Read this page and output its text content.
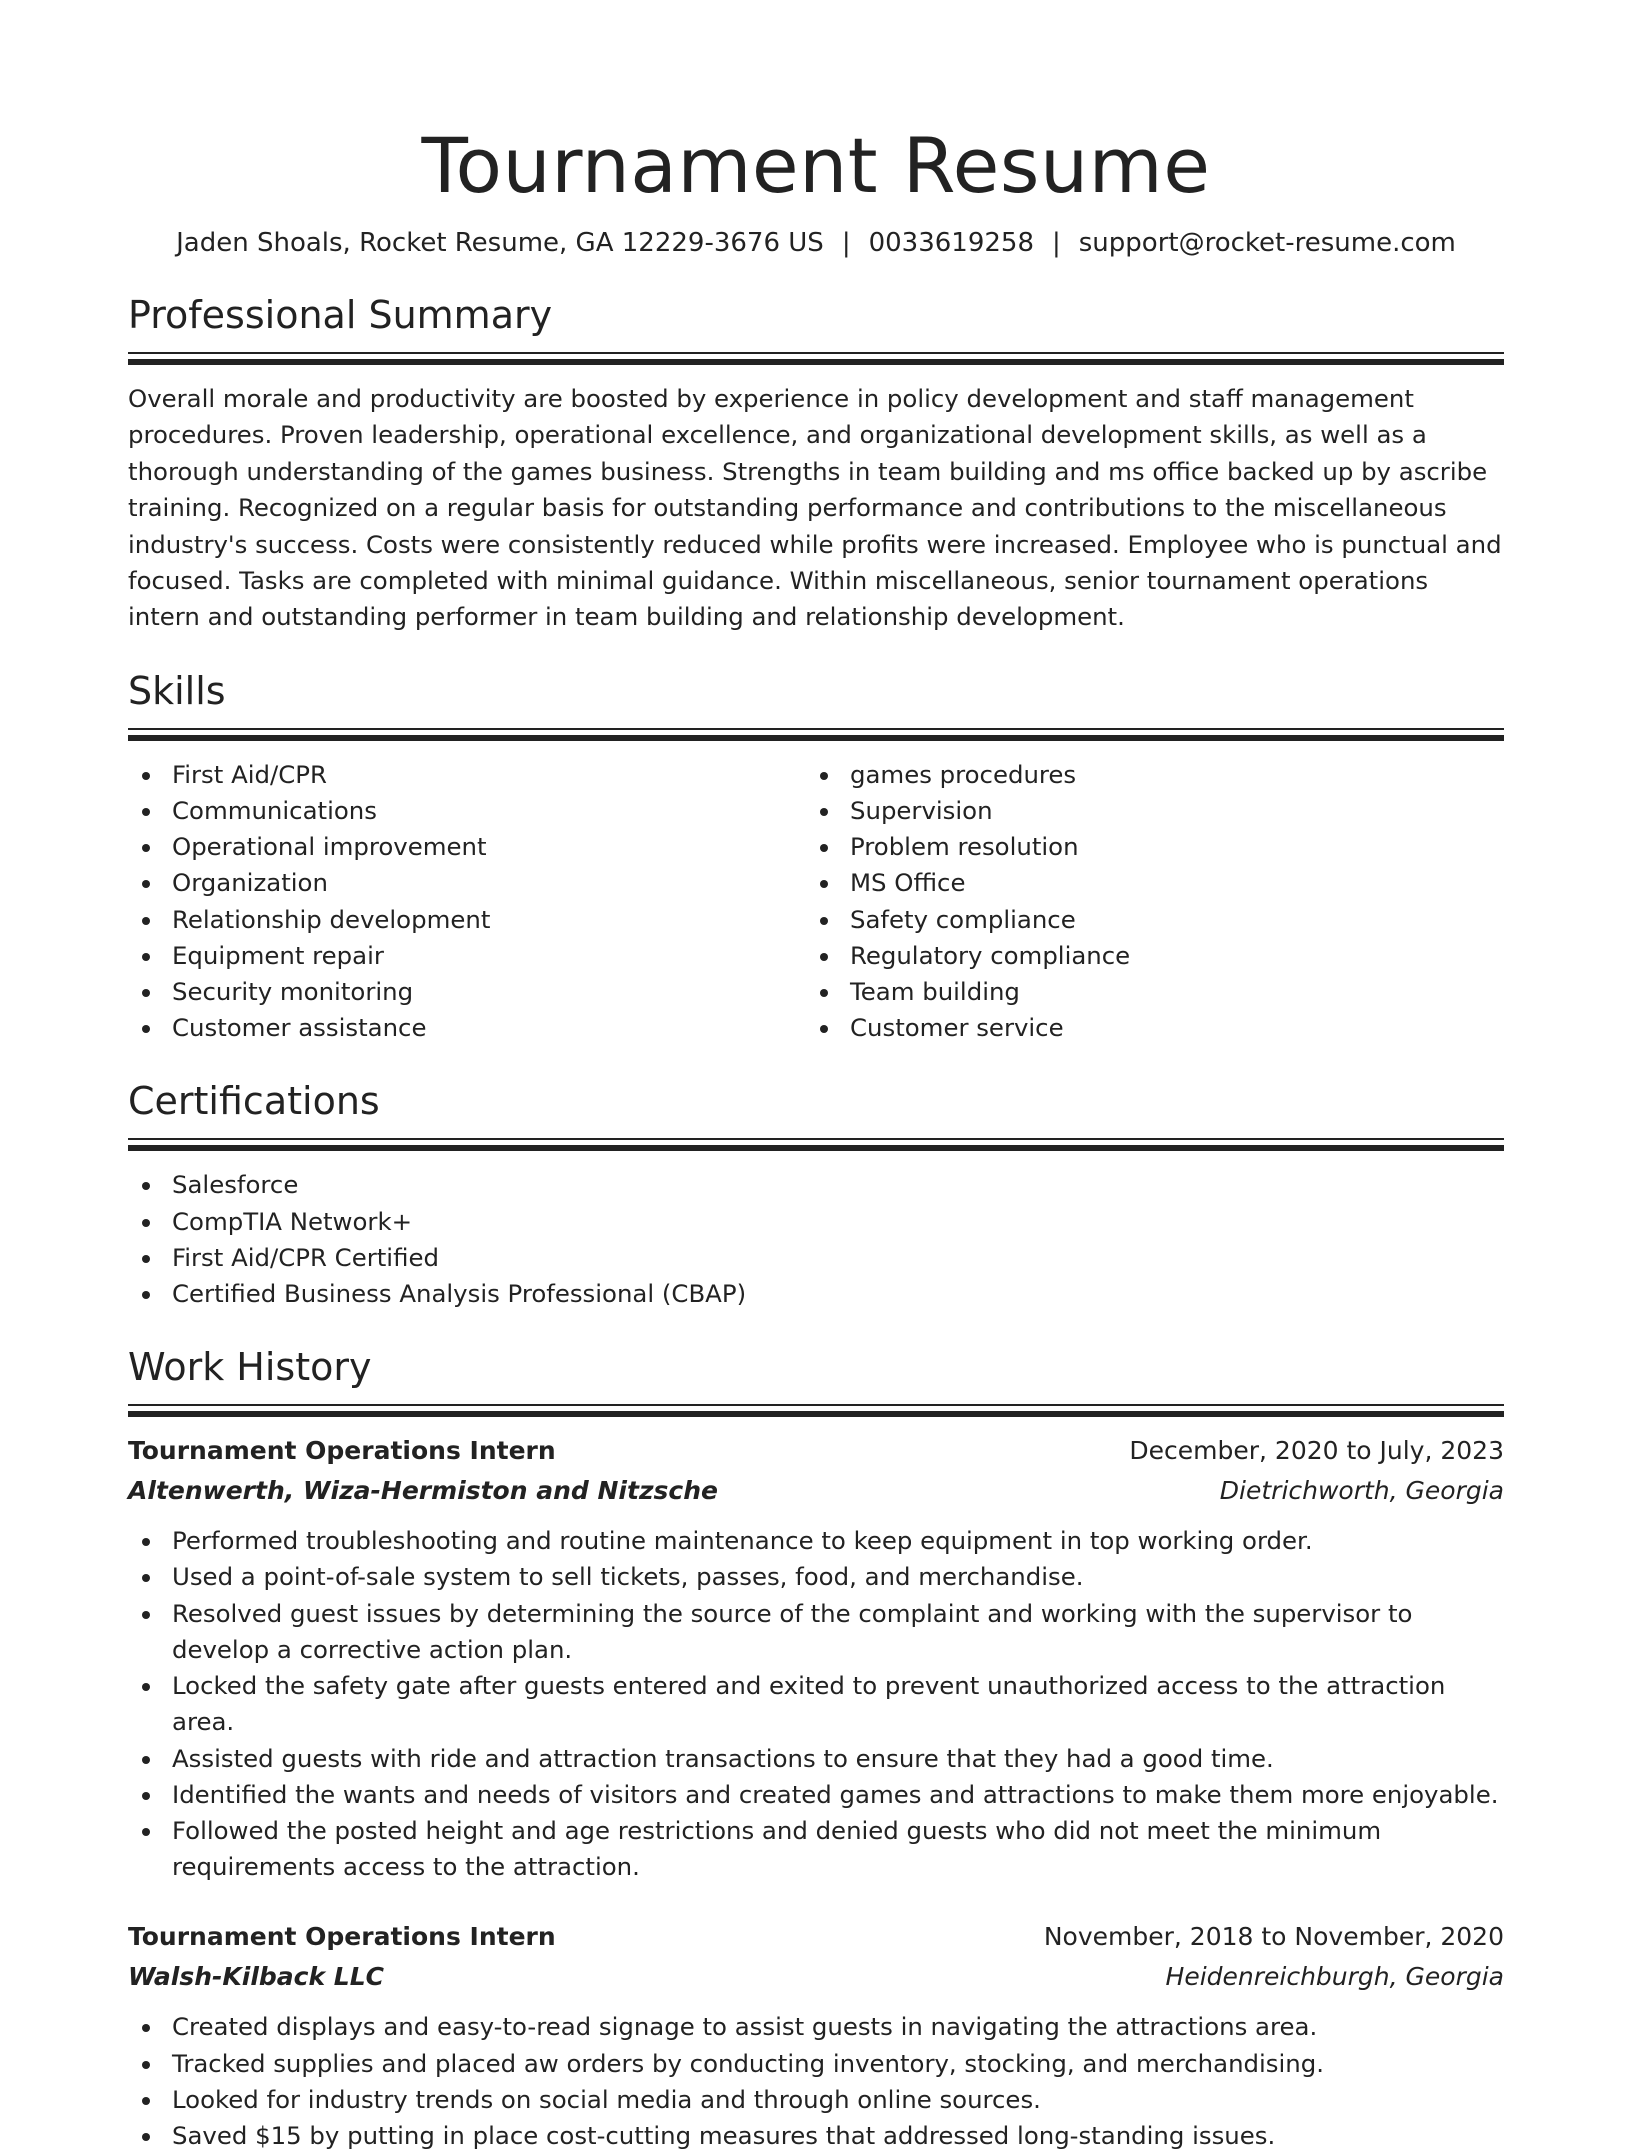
Tournament Resume
Jaden Shoals, Rocket Resume, GA 12229-3676 US | 0033619258 | support@rocket-resume.com
Professional Summary

Overall morale and productivity are boosted by experience in policy development and staff management procedures. Proven leadership, operational excellence, and organizational development skills, as well as a thorough understanding of the games business. Strengths in team building and ms office backed up by ascribe training. Recognized on a regular basis for outstanding performance and contributions to the miscellaneous industry's success. Costs were consistently reduced while profits were increased. Employee who is punctual and focused. Tasks are completed with minimal guidance. Within miscellaneous, senior tournament operations intern and outstanding performer in team building and relationship development.

Skills
First Aid/CPR
Communications
Operational improvement
Organization
Relationship development
Equipment repair
Security monitoring
Customer assistance
games procedures
Supervision
Problem resolution
MS Office
Safety compliance
Regulatory compliance
Team building
Customer service
Certifications
Salesforce
CompTIA Network+
First Aid/CPR Certified
Certified Business Analysis Professional (CBAP)
Work History
Tournament Operations Intern	December, 2020 to July, 2023
Altenwerth, Wiza-Hermiston and Nitzsche	Dietrichworth, Georgia
Performed troubleshooting and routine maintenance to keep equipment in top working order.
Used a point-of-sale system to sell tickets, passes, food, and merchandise.
Resolved guest issues by determining the source of the complaint and working with the supervisor to develop a corrective action plan.
Locked the safety gate after guests entered and exited to prevent unauthorized access to the attraction area.
Assisted guests with ride and attraction transactions to ensure that they had a good time.
Identified the wants and needs of visitors and created games and attractions to make them more enjoyable.
Followed the posted height and age restrictions and denied guests who did not meet the minimum requirements access to the attraction.
Tournament Operations Intern	November, 2018 to November, 2020
Walsh-Kilback LLC	Heidenreichburgh, Georgia
Created displays and easy-to-read signage to assist guests in navigating the attractions area.
Tracked supplies and placed aw orders by conducting inventory, stocking, and merchandising.
Looked for industry trends on social media and through online sources.
Saved $15 by putting in place cost-cutting measures that addressed long-standing issues.
